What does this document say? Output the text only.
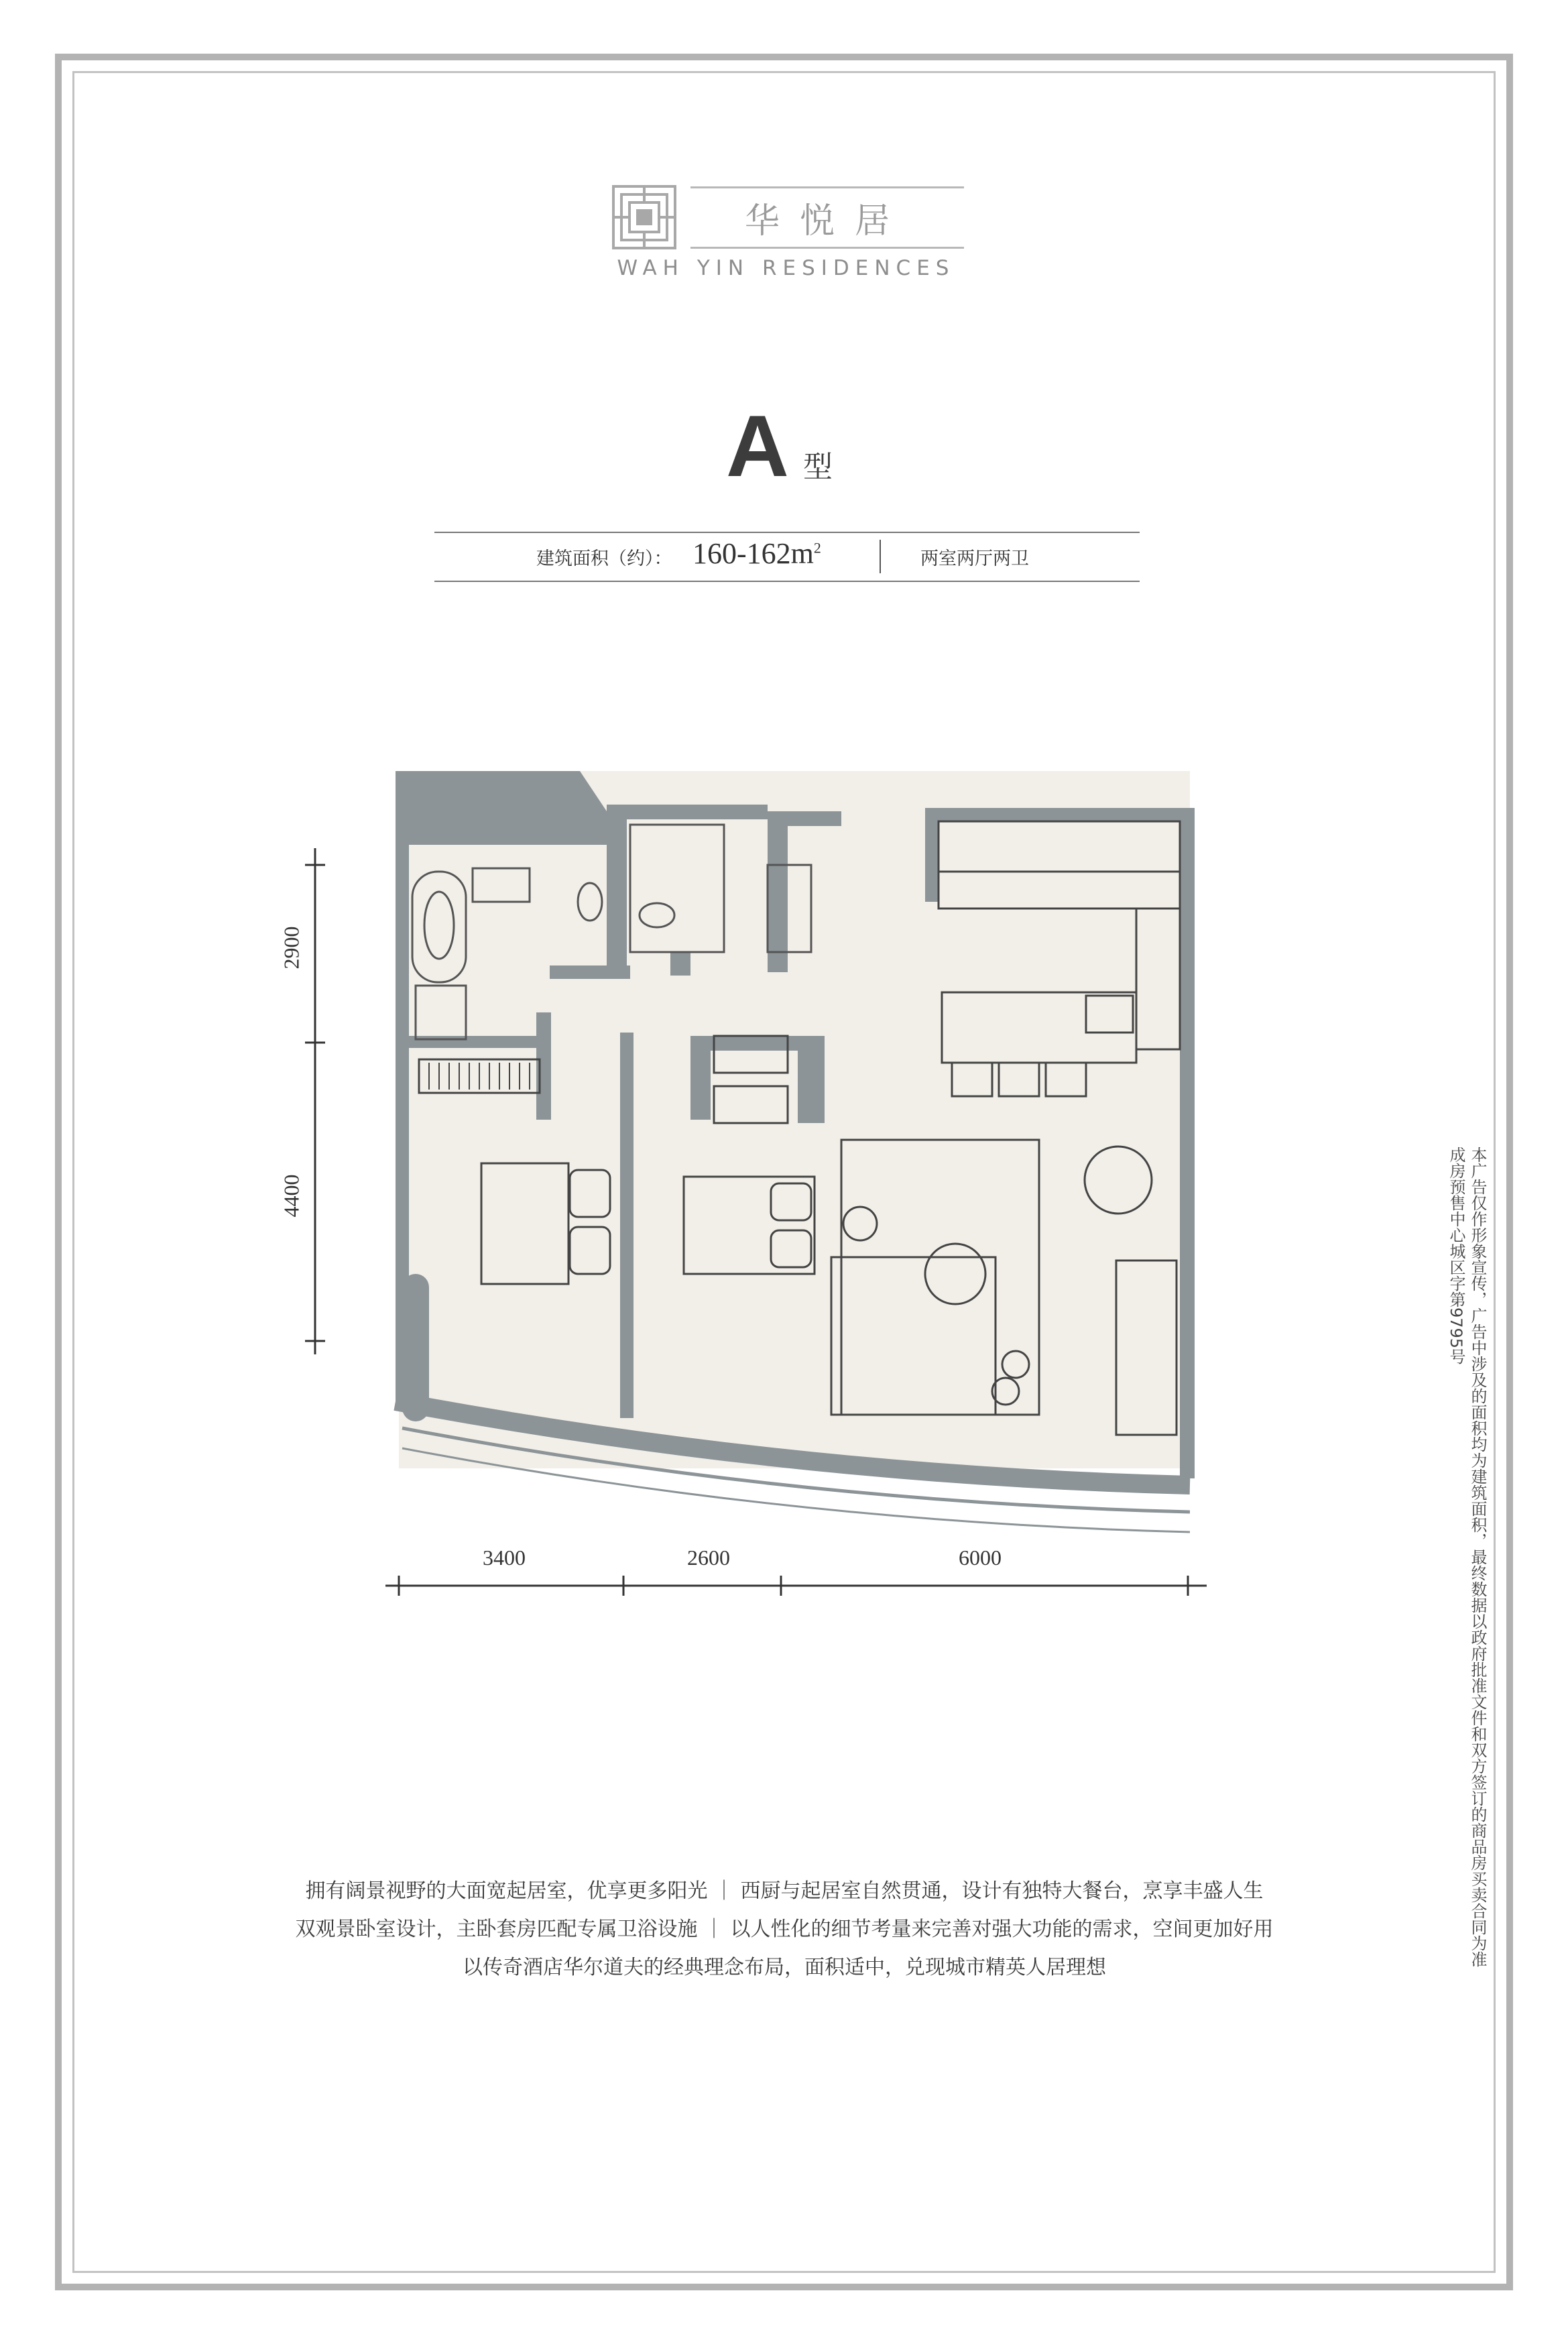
华悦居
WAH YIN RESIDENCES
A 型
建筑面积（约）： $160-162m^2$
两室两厅两卫
2900
4400
3400	2600	6000
拥有阔景视野的大面宽起居室，优享更多阳光 ｜ 西厨与起居室自然贯通，设计有独特大餐台，烹享丰盛人生
双观景卧室设计，主卧套房匹配专属卫浴设施 ｜ 以人性化的细节考量来完善对强大功能的需求，空间更加好用
以传奇酒店华尔道夫的经典理念布局，面积适中，兑现城市精英人居理想
本广告仅作形象宣传，广告中涉及的面积均为建筑面积，最终数据以政府批准文件和双方签订的商品房买卖合同为准
成房预售中心城区字第9795号
